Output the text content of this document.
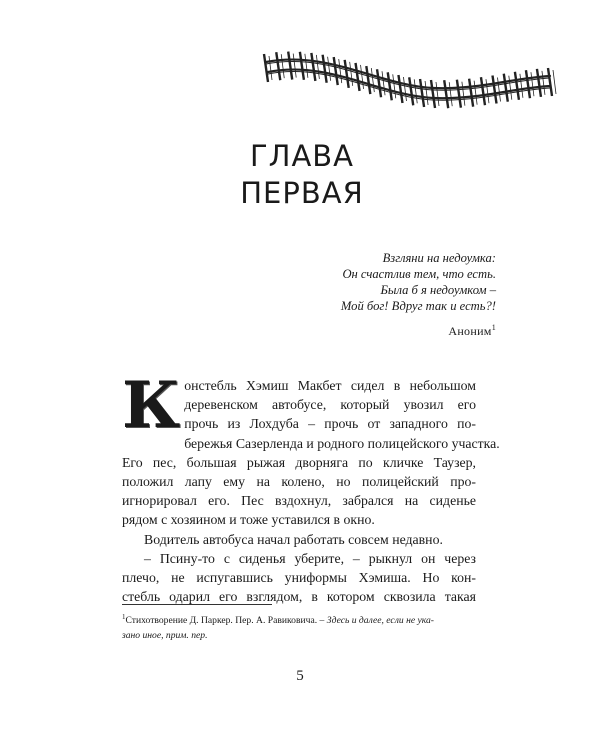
ГЛАВА
ПЕРВАЯ
Взгляни на недоумка:
Он счастлив тем, что есть.
Была б я недоумком –
Мой бог! Вдруг так и есть?!
Аноним$^1$
К онстебль Хэмиш Макбет сидел в небольшом
деревенском автобусе, который увозил его
прочь из Лохдуба – прочь от западного по-
бережья Сазерленда и родного полицейского участка.
Его пес, большая рыжая дворняга по кличке Таузер,
положил лапу ему на колено, но полицейский про-
игнорировал его. Пес вздохнул, забрался на сиденье
рядом с хозяином и тоже уставился в окно.
Водитель автобуса начал работать совсем недавно.
– Псину-то с сиденья уберите, – рыкнул он через
плечо, не испугавшись униформы Хэмиша. Но кон-
стебль одарил его взглядом, в котором сквозила такая
$^1$Стихотворение Д. Паркер. Пер. А. Равиковича. – Здесь и далее, если не ука-
зано иное, прим. пер.
5
